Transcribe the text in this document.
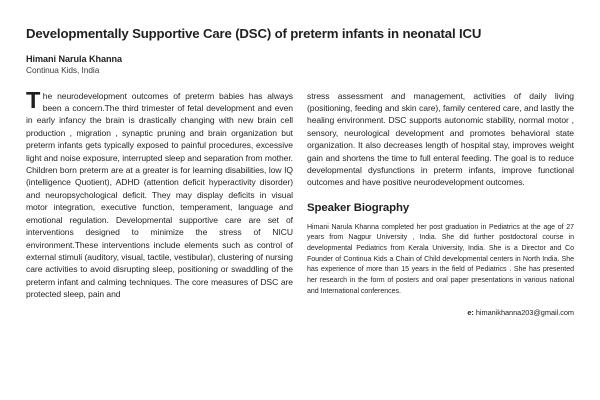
Developmentally Supportive Care (DSC) of preterm infants in neonatal ICU
Himani Narula Khanna
Continua Kids, India

The neurodevelopment outcomes of preterm babies has always been a concern.The third trimester of fetal development and even in early infancy the brain is drastically changing with new brain cell production , migration , synaptic pruning and brain organization but preterm infants gets typically exposed to painful procedures, excessive light and noise exposure, interrupted sleep and separation from mother. Children born preterm are at a greater is for learning disabilities, low IQ (intelligence Quotient), ADHD (attention deficit hyperactivity disorder) and neuropsychological deficit. They may display deficits in visual motor integration, executive function, temperament, language and emotional regulation. Developmental supportive care are set of interventions designed to minimize the stress of NICU environment.These interventions include elements such as control of external stimuli (auditory, visual, tactile, vestibular), clustering of nursing care activities to avoid disrupting sleep, positioning or swaddling of the preterm infant and calming techniques. The core measures of DSC are protected sleep, pain and

stress assessment and management, activities of daily living (positioning, feeding and skin care), family centered care, and lastly the healing environment. DSC supports autonomic stability, normal motor , sensory, neurological development and promotes behavioral state organization. It also decreases length of hospital stay, improves weight gain and shortens the time to full enteral feeding. The goal is to reduce developmental dysfunctions in preterm infants, improve functional outcomes and have positive neurodevelopment outcomes.

Speaker Biography

Himani Narula Khanna completed her post graduation in Pediatrics at the age of 27 years from Nagpur University , India. She did further postdoctoral course in developmental Pediatrics from Kerala University, India. She is a Director and Co Founder of Continua Kids a Chain of Child developmental centers in North India. She has experience of more than 15 years in the field of Pediatrics . She has presented her research in the form of posters and oral paper presentations in various national and International conferences.

e: himanikhanna203@gmail.com
